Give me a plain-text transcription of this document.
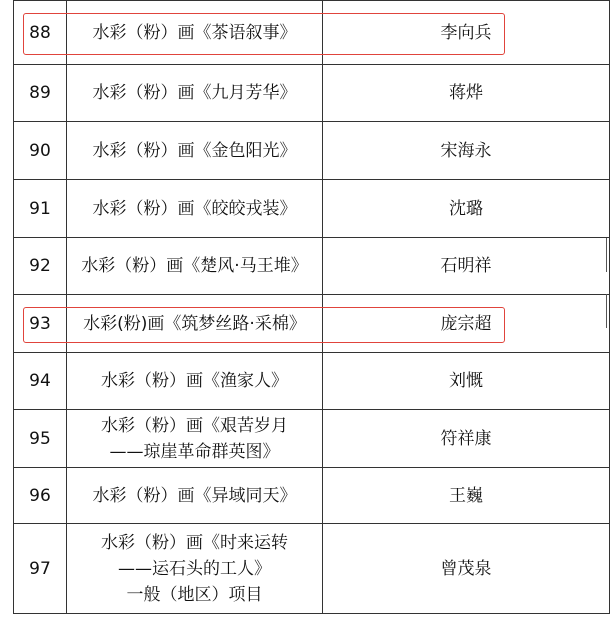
88	水彩（粉）画《茶语叙事》	李向兵
89	水彩（粉）画《九月芳华》	蒋烨
90	水彩（粉）画《金色阳光》	宋海永
91	水彩（粉）画《皎皎戎装》	沈璐
92	水彩（粉）画《楚风·马王堆》	石明祥
93	水彩(粉)画《筑梦丝路·采棉》	庞宗超
94	水彩（粉）画《渔家人》	刘慨
95	水彩（粉）画《艰苦岁月
——琼崖革命群英图》	符祥康
96	水彩（粉）画《异域同天》	王巍
97	水彩（粉）画《时来运转
——运石头的工人》
一般（地区）项目	曾茂泉
